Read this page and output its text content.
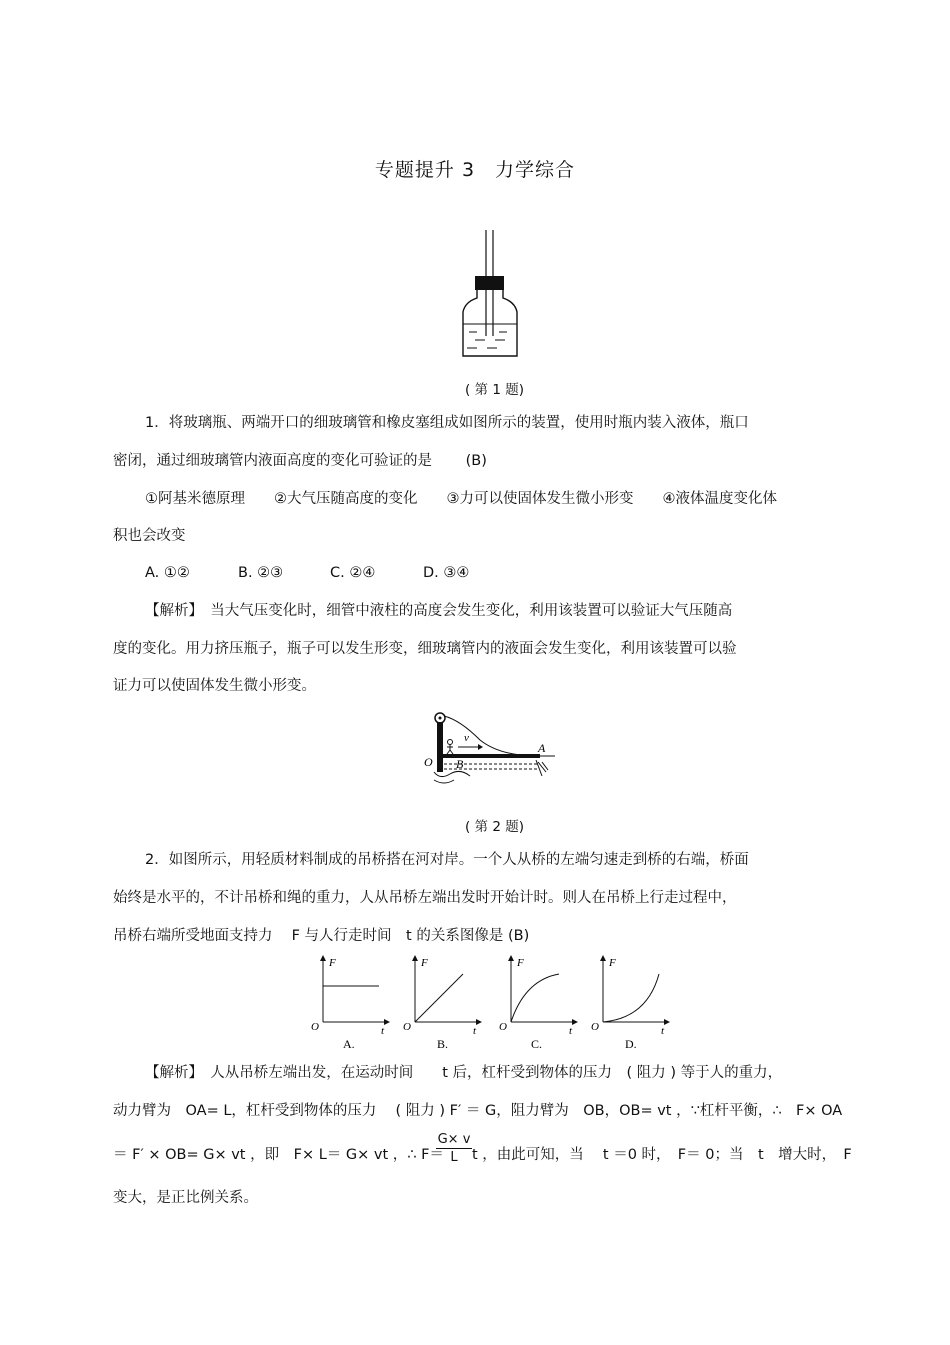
专题提升 3　力学综合
( 第 1 题)
1．将玻璃瓶、两端开口的细玻璃管和橡皮塞组成如图所示的装置，使用时瓶内装入液体，瓶口
密闭，通过细玻璃管内液面高度的变化可验证的是　　 (B)
①阿基米德原理　　②大气压随高度的变化　　③力可以使固体发生微小形变　　④液体温度变化体
积也会改变
A. ①②	B. ②③	C. ②④	D. ③④
【解析】　当大气压变化时，细管中液柱的高度会发生变化，利用该装置可以验证大气压随高
度的变化。用力挤压瓶子，瓶子可以发生形变，细玻璃管内的液面会发生变化，利用该装置可以验
证力可以使固体发生微小形变。
O B
A
v
( 第 2 题)
2．如图所示，用轻质材料制成的吊桥搭在河对岸。一个人从桥的左端匀速走到桥的右端，桥面
始终是水平的，不计吊桥和绳的重力，人从吊桥左端出发时开始计时。则人在吊桥上行走过程中，
吊桥右端所受地面支持力　 F 与人行走时间　t 的关系图像是 (B)
F
t
O
A.
F
t
O
B.
F
t
O
C.
F
t
O
D.
【解析】　人从吊桥左端出发，在运动时间　　t 后，杠杆受到物体的压力　( 阻力 ) 等于人的重力，
动力臂为　OA= L，杠杆受到物体的压力　 ( 阻力 ) F′ ＝ G，阻力臂为　OB，OB= vt ，∵杠杆平衡，∴　F× OA
＝ F′ × OB= G× vt ，即　F× L＝ G× vt ，∴ F＝
G× v
L t ，由此可知，当　 t ＝0 时，　F＝ 0；当　t　增大时，　F
变大，是正比例关系。
